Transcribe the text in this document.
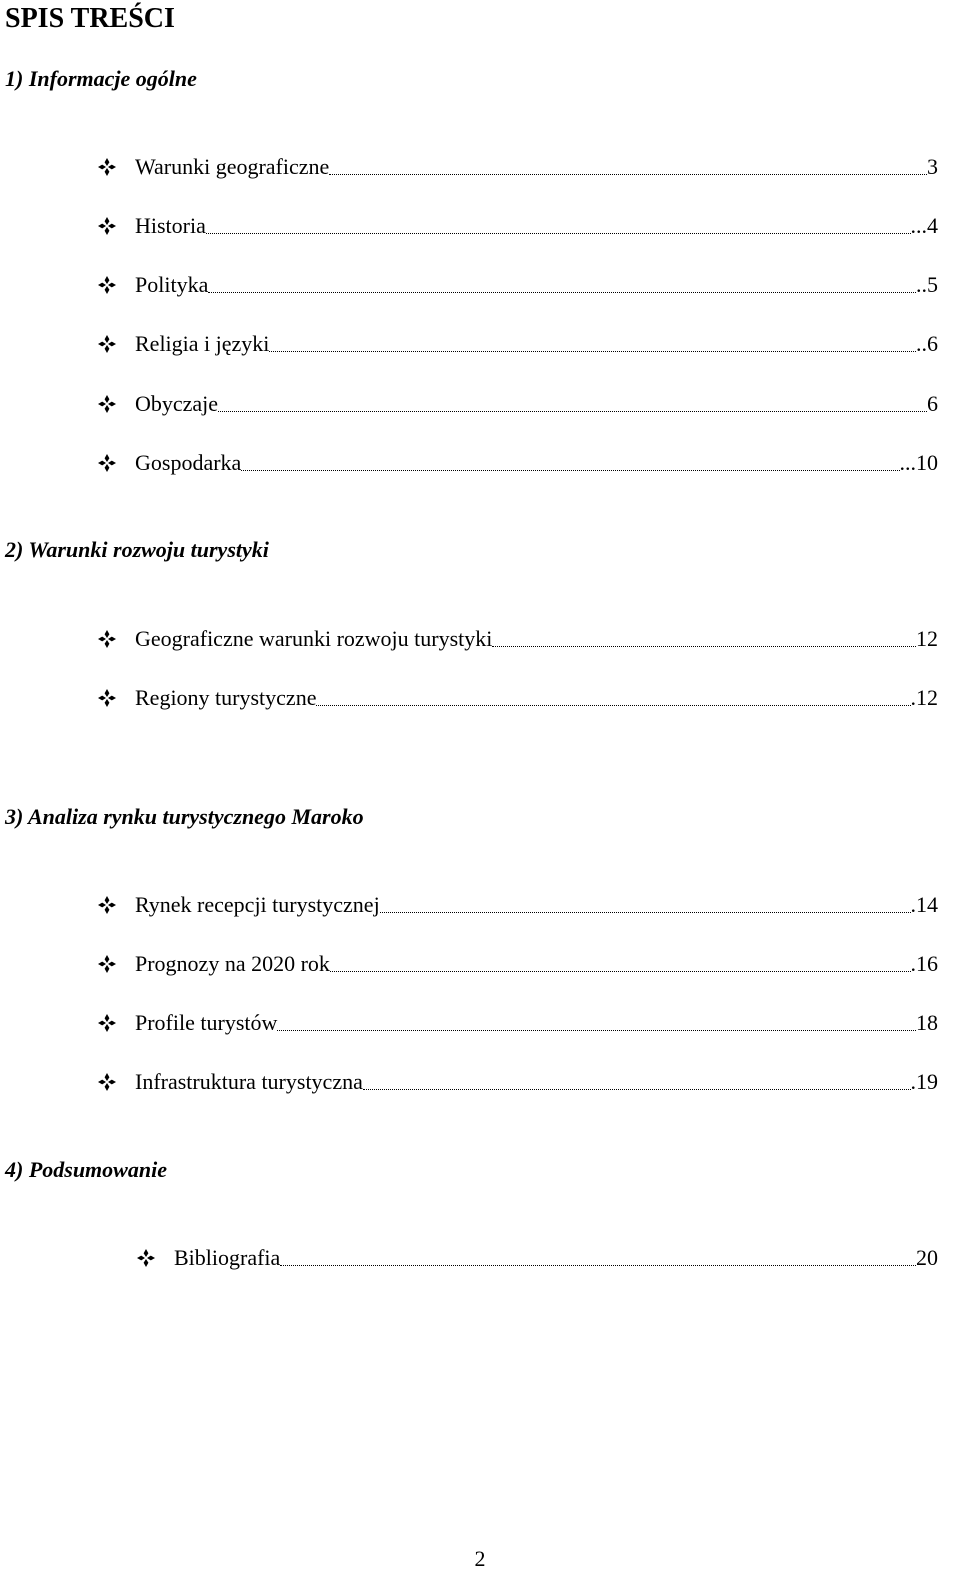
SPIS TREŚCI
1) Informacje ogólne
Warunki geograficzne	3
Historia	...4
Polityka	..5
Religia i języki	..6
Obyczaje	6
Gospodarka	...10
2) Warunki rozwoju turystyki
Geograficzne warunki rozwoju turystyki	12
Regiony turystyczne	.12
3) Analiza rynku turystycznego Maroko
Rynek recepcji turystycznej	.14
Prognozy na 2020 rok	.16
Profile turystów	18
Infrastruktura turystyczna	.19
4) Podsumowanie
Bibliografia	20
2
